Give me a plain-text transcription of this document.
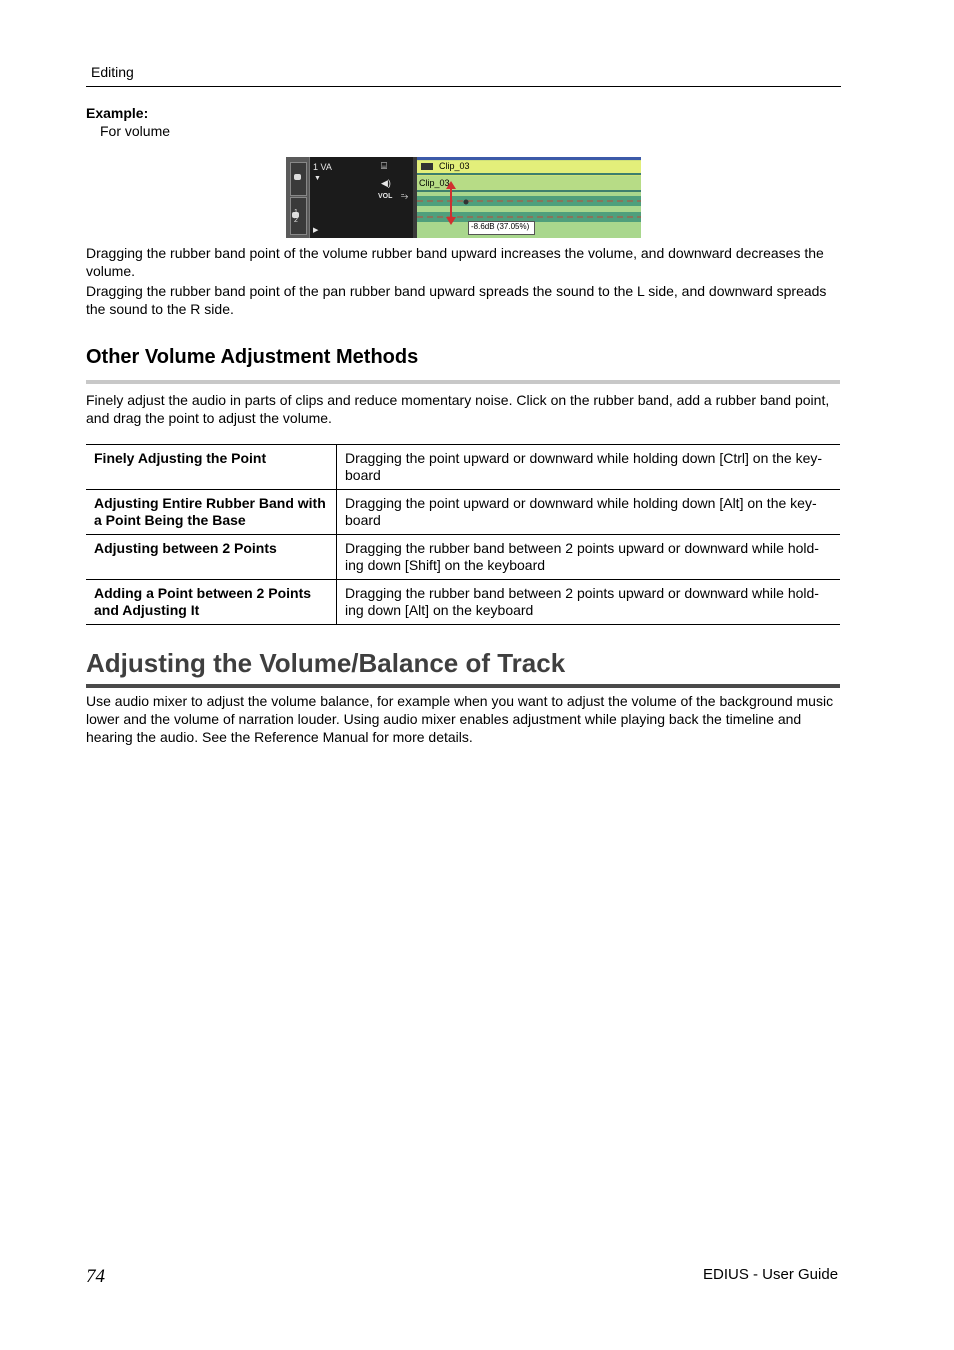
Editing
Example:
For volume
1 VA
▼
⌸
◀)
VOL ⥲
1
2
▶
Clip_03
Clip_03
-8.6dB (37.05%)
Dragging the rubber band point of the volume rubber band upward increases the volume, and downward decreases the volume.
Dragging the rubber band point of the pan rubber band upward spreads the sound to the L side, and downward spreads the sound to the R side.
Other Volume Adjustment Methods
Finely adjust the audio in parts of clips and reduce momentary noise. Click on the rubber band, add a rubber band point, and drag the point to adjust the volume.
Finely Adjusting the Point	Dragging the point upward or downward while holding down [Ctrl] on the key-board
Adjusting Entire Rubber Band with a Point Being the Base	Dragging the point upward or downward while holding down [Alt] on the key-board
Adjusting between 2 Points	Dragging the rubber band between 2 points upward or downward while hold-ing down [Shift] on the keyboard
Adding a Point between 2 Points and Adjusting It	Dragging the rubber band between 2 points upward or downward while hold-ing down [Alt] on the keyboard
Adjusting the Volume/Balance of Track
Use audio mixer to adjust the volume balance, for example when you want to adjust the volume of the background music lower and the volume of narration louder. Using audio mixer enables adjustment while playing back the timeline and hearing the audio. See the Reference Manual for more details.
74	EDIUS - User Guide
